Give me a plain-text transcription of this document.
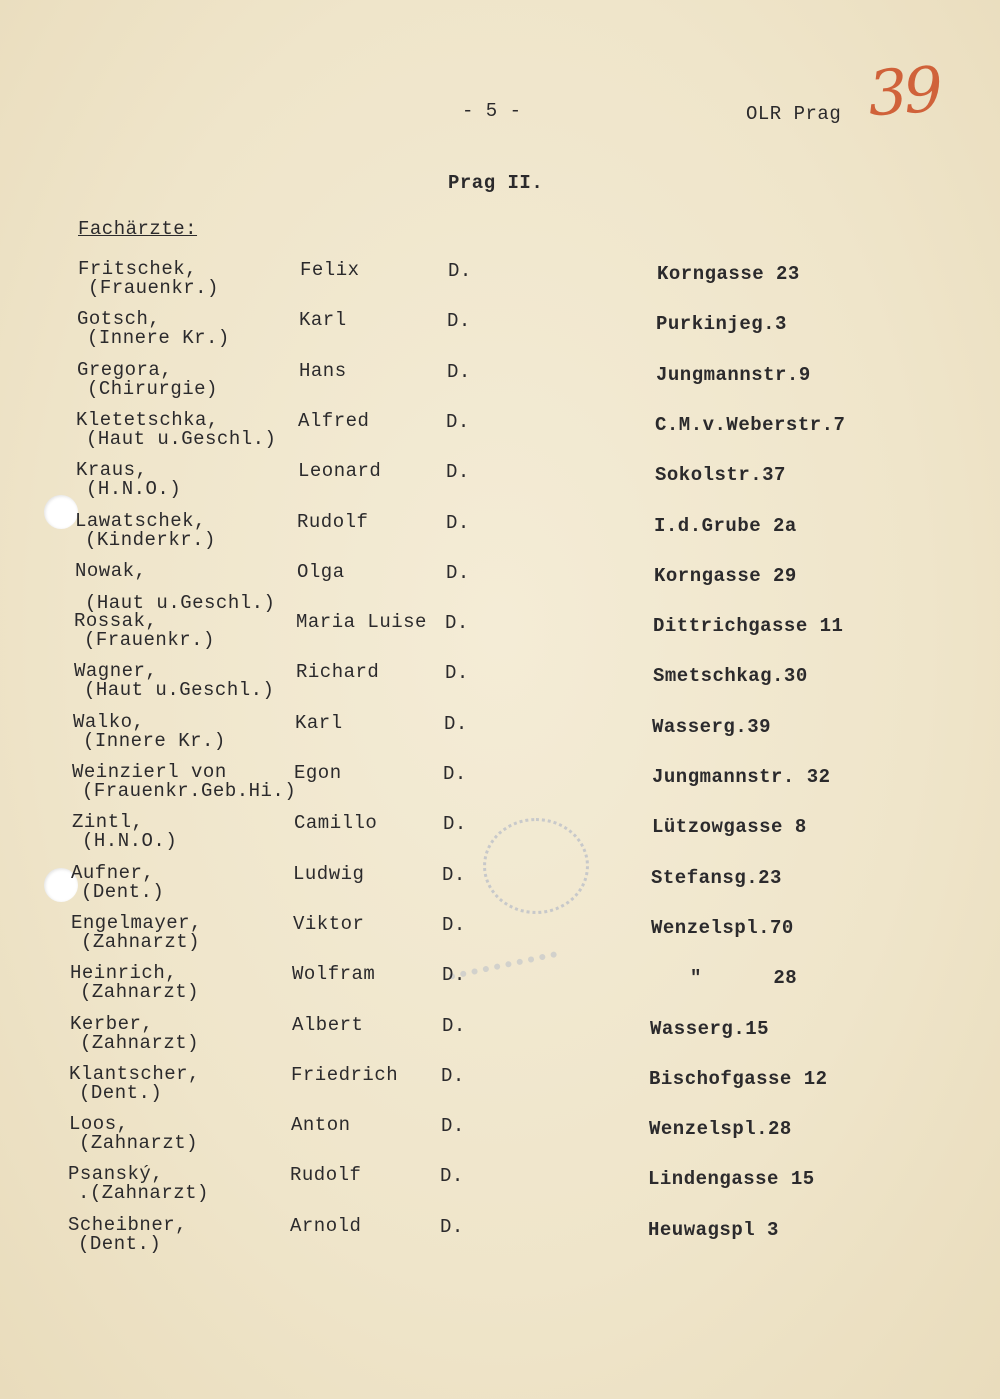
- 5 -	OLR Prag 39
Prag II.
Fachärzte:
Fritschek,
(Frauenkr.)
Felix	D.	Korngasse 23
Gotsch,
(Innere Kr.)
Karl	D.	Purkinjeg.3
Gregora,
(Chirurgie)
Hans	D.	Jungmannstr.9
Kletetschka,
(Haut u.Geschl.)
Alfred	D.	C.M.v.Weberstr.7
Kraus,
(H.N.O.)
Leonard	D.	Sokolstr.37
Lawatschek,
(Kinderkr.)
Rudolf	D.	I.d.Grube 2a
Nowak,
(Haut u.Geschl.)
Olga	D.	Korngasse 29
Rossak,
(Frauenkr.)
Maria Luise D.	Dittrichgasse 11
Wagner,
(Haut u.Geschl.)
Richard	D.	Smetschkag.30
Walko,
(Innere Kr.)
Karl	D.	Wasserg.39
Weinzierl von
(Frauenkr.Geb.Hi.)
Egon	D.	Jungmannstr. 32
Zintl,
(H.N.O.)
Camillo	D.	Lützowgasse 8
Aufner,
(Dent.)
Ludwig	D.	Stefansg.23
Engelmayer,
(Zahnarzt)
Viktor	D.	Wenzelspl.70
Heinrich,
(Zahnarzt)
Wolfram	D.	"      28
Kerber,
(Zahnarzt)
Albert	D.	Wasserg.15
Klantscher,
(Dent.)
Friedrich D.	Bischofgasse 12
Loos,
(Zahnarzt)
Anton	D.	Wenzelspl.28
Psanský,
.(Zahnarzt)
Rudolf	D.	Lindengasse 15
Scheibner,
(Dent.)
Arnold	D.	Heuwagspl 3
